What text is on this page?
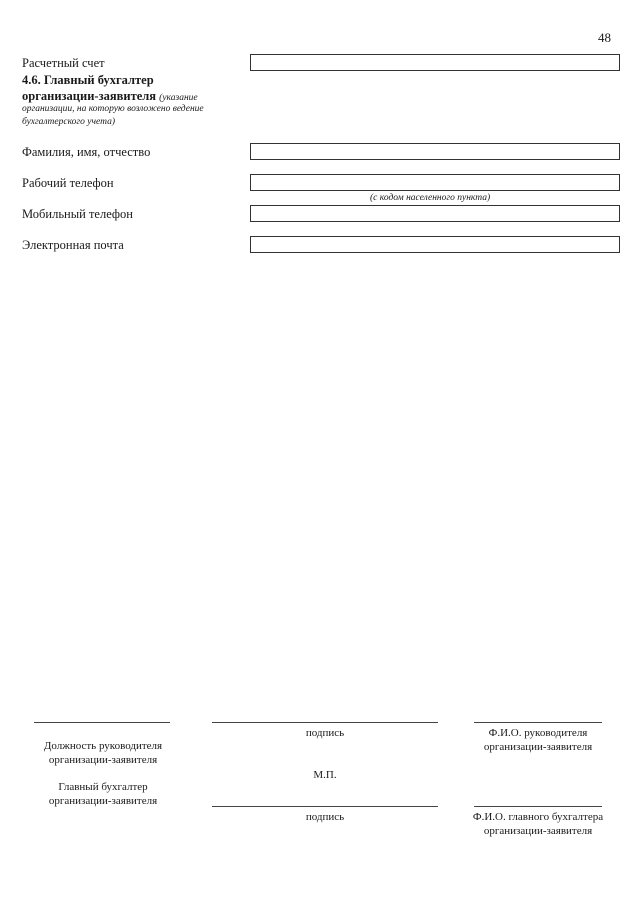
48
Расчетный счет
4.6. Главный бухгалтер
организации-заявителя (указание
организации, на которую возложено ведение
бухгалтерского учета)
Фамилия, имя, отчество
Рабочий телефон
(с кодом населенного пункта)
Мобильный телефон
Электронная почта
подпись	Ф.И.О. руководителя
организации-заявителя
Должность руководителя
организации-заявителя
М.П.
Главный бухгалтер
организации-заявителя
подпись	Ф.И.О. главного бухгалтера
организации-заявителя
